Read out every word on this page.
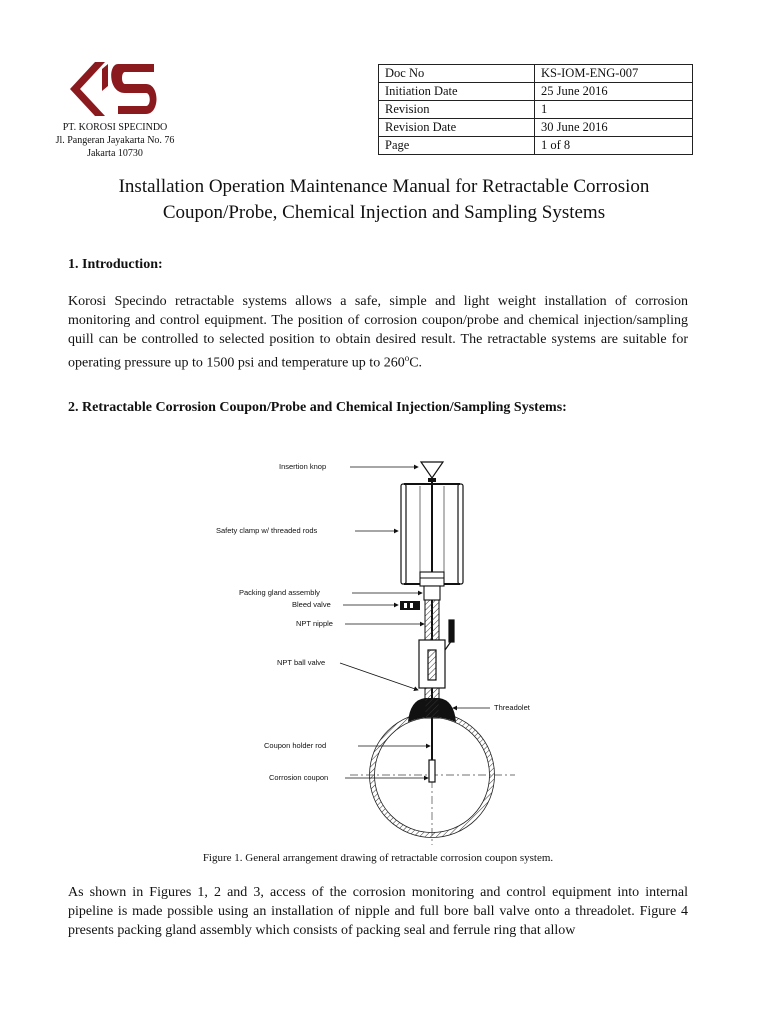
PT. KOROSI SPECINDO
Jl. Pangeran Jayakarta No. 76
Jakarta 10730
Doc No	KS-IOM-ENG-007
Initiation Date	25 June 2016
Revision	1
Revision Date	30 June 2016
Page	1 of 8
Installation Operation Maintenance Manual for Retractable Corrosion
Coupon/Probe, Chemical Injection and Sampling Systems
1. Introduction:
Korosi Specindo retractable systems allows a safe, simple and light weight installation of corrosion monitoring and control equipment. The position of corrosion coupon/probe and chemical injection/sampling quill can be controlled to selected position to obtain desired result. The retractable systems are suitable for operating pressure up to 1500 psi and temperature up to 260$^o$C.
2. Retractable Corrosion Coupon/Probe and Chemical Injection/Sampling Systems:
Insertion knop
Safety clamp w/ threaded rods
Packing gland assembly
Bleed valve
NPT nipple
NPT ball valve
Threadolet
Coupon holder rod
Corrosion coupon
Figure 1. General arrangement drawing of retractable corrosion coupon system.
As shown in Figures 1, 2 and 3, access of the corrosion monitoring and control equipment into internal pipeline is made possible using an installation of nipple and full bore ball valve onto a threadolet. Figure 4 presents packing gland assembly which consists of packing seal and ferrule ring that allow
